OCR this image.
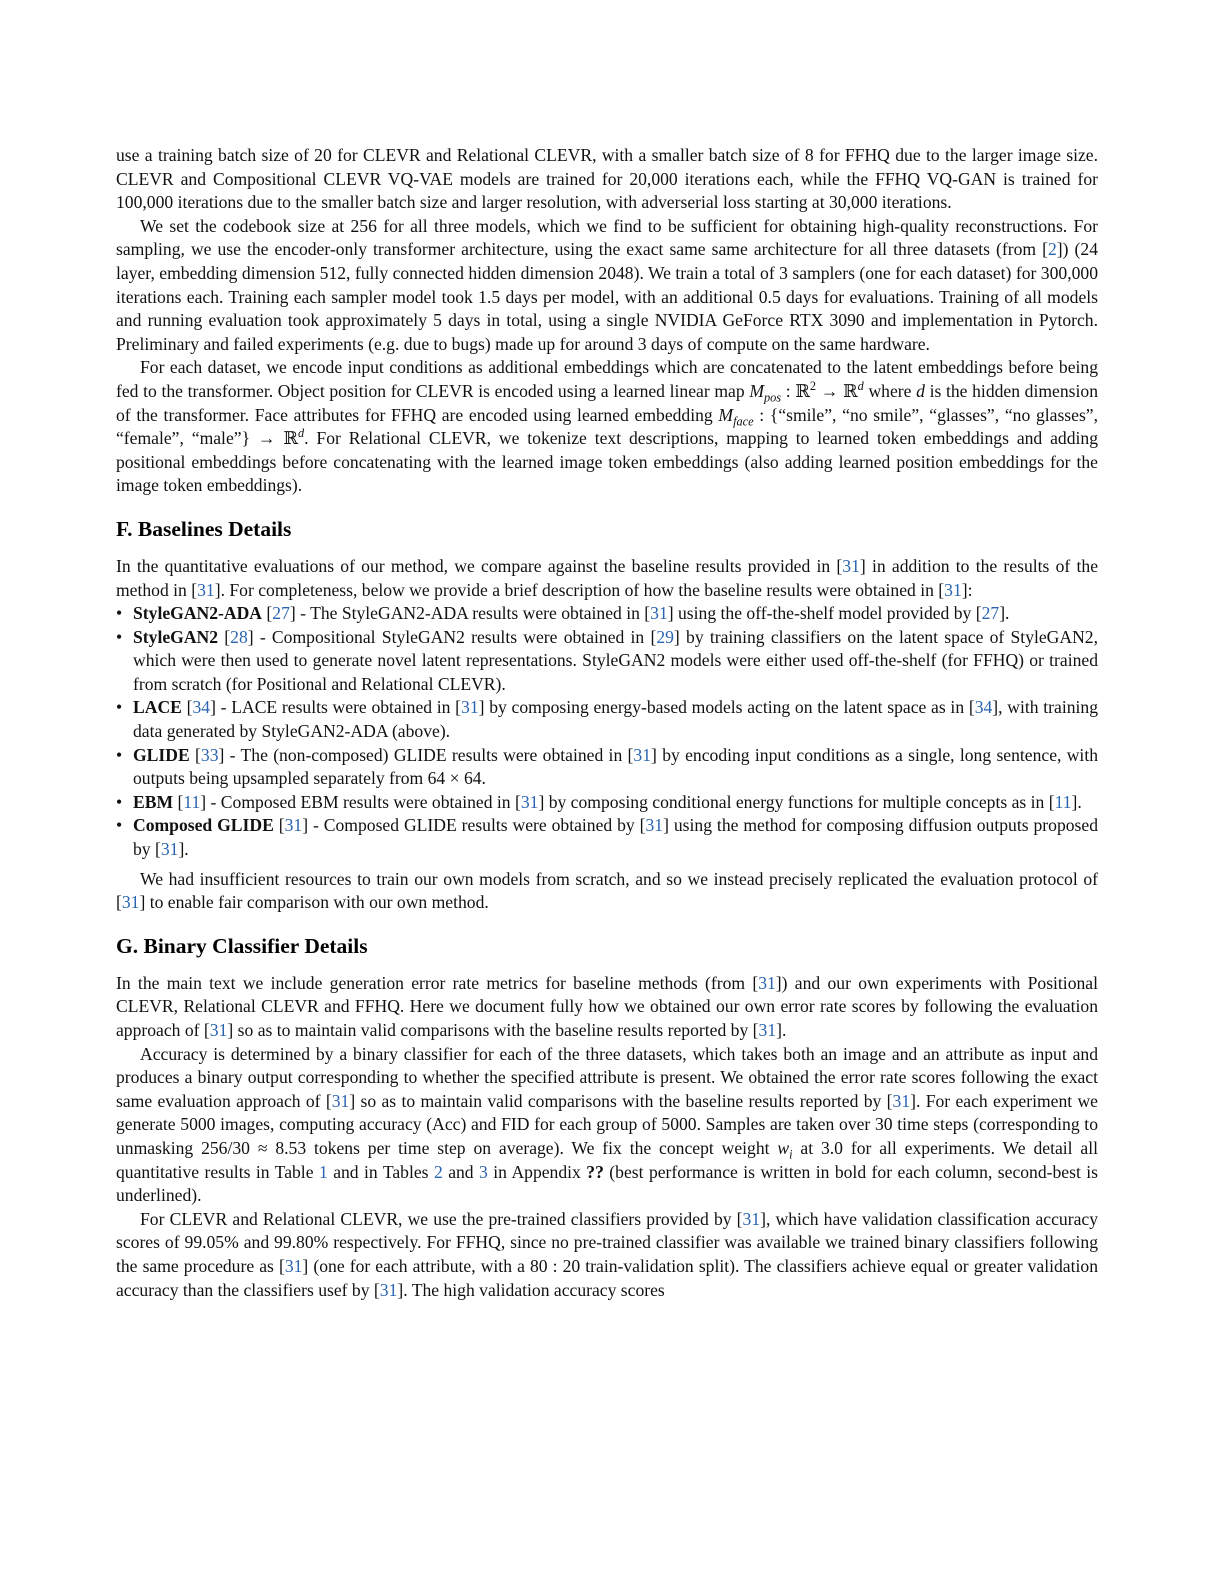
use a training batch size of 20 for CLEVR and Relational CLEVR, with a smaller batch size of 8 for FFHQ due to the larger image size. CLEVR and Compositional CLEVR VQ-VAE models are trained for 20,000 iterations each, while the FFHQ VQ-GAN is trained for 100,000 iterations due to the smaller batch size and larger resolution, with adverserial loss starting at 30,000 iterations.

We set the codebook size at 256 for all three models, which we find to be sufficient for obtaining high-quality reconstructions. For sampling, we use the encoder-only transformer architecture, using the exact same same architecture for all three datasets (from [2]) (24 layer, embedding dimension 512, fully connected hidden dimension 2048). We train a total of 3 samplers (one for each dataset) for 300,000 iterations each. Training each sampler model took 1.5 days per model, with an additional 0.5 days for evaluations. Training of all models and running evaluation took approximately 5 days in total, using a single NVIDIA GeForce RTX 3090 and implementation in Pytorch. Preliminary and failed experiments (e.g. due to bugs) made up for around 3 days of compute on the same hardware.

For each dataset, we encode input conditions as additional embeddings which are concatenated to the latent embeddings before being fed to the transformer. Object position for CLEVR is encoded using a learned linear map $M_{pos}$ : ℝ$^2$ → ℝ$^d$ where d is the hidden dimension of the transformer. Face attributes for FFHQ are encoded using learned embedding $M_{face}$ : {“smile”, “no smile”, “glasses”, “no glasses”, “female”, “male”} → ℝ$^d$. For Relational CLEVR, we tokenize text descriptions, mapping to learned token embeddings and adding positional embeddings before concatenating with the learned image token embeddings (also adding learned position embeddings for the image token embeddings).

F. Baselines Details

In the quantitative evaluations of our method, we compare against the baseline results provided in [31] in addition to the results of the method in [31]. For completeness, below we provide a brief description of how the baseline results were obtained in [31]:

• StyleGAN2-ADA [27] - The StyleGAN2-ADA results were obtained in [31] using the off-the-shelf model provided by [27].
• StyleGAN2 [28] - Compositional StyleGAN2 results were obtained in [29] by training classifiers on the latent space of StyleGAN2, which were then used to generate novel latent representations. StyleGAN2 models were either used off-the-shelf (for FFHQ) or trained from scratch (for Positional and Relational CLEVR).
• LACE [34] - LACE results were obtained in [31] by composing energy-based models acting on the latent space as in [34], with training data generated by StyleGAN2-ADA (above).
• GLIDE [33] - The (non-composed) GLIDE results were obtained in [31] by encoding input conditions as a single, long sentence, with outputs being upsampled separately from 64 × 64.
• EBM [11] - Composed EBM results were obtained in [31] by composing conditional energy functions for multiple concepts as in [11].
• Composed GLIDE [31] - Composed GLIDE results were obtained by [31] using the method for composing diffusion outputs proposed by [31].

We had insufficient resources to train our own models from scratch, and so we instead precisely replicated the evaluation protocol of [31] to enable fair comparison with our own method.

G. Binary Classifier Details

In the main text we include generation error rate metrics for baseline methods (from [31]) and our own experiments with Positional CLEVR, Relational CLEVR and FFHQ. Here we document fully how we obtained our own error rate scores by following the evaluation approach of [31] so as to maintain valid comparisons with the baseline results reported by [31].

Accuracy is determined by a binary classifier for each of the three datasets, which takes both an image and an attribute as input and produces a binary output corresponding to whether the specified attribute is present. We obtained the error rate scores following the exact same evaluation approach of [31] so as to maintain valid comparisons with the baseline results reported by [31]. For each experiment we generate 5000 images, computing accuracy (Acc) and FID for each group of 5000. Samples are taken over 30 time steps (corresponding to unmasking 256/30 ≈ 8.53 tokens per time step on average). We fix the concept weight $w_i$ at 3.0 for all experiments. We detail all quantitative results in Table 1 and in Tables 2 and 3 in Appendix ?? (best performance is written in bold for each column, second-best is underlined).

For CLEVR and Relational CLEVR, we use the pre-trained classifiers provided by [31], which have validation classification accuracy scores of 99.05% and 99.80% respectively. For FFHQ, since no pre-trained classifier was available we trained binary classifiers following the same procedure as [31] (one for each attribute, with a 80 : 20 train-validation split). The classifiers achieve equal or greater validation accuracy than the classifiers usef by [31]. The high validation accuracy scores
